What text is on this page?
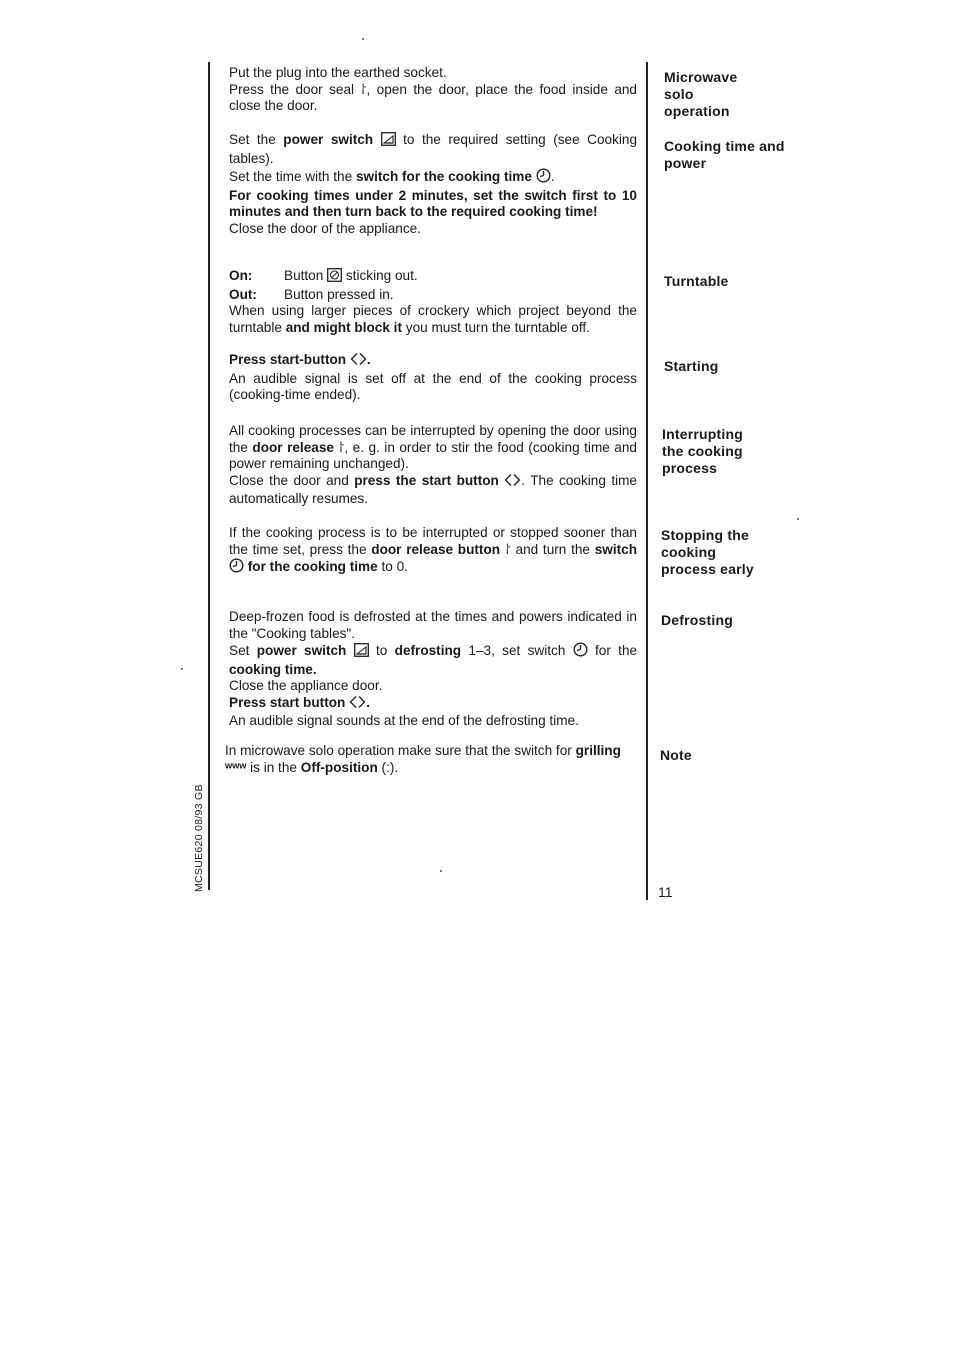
MCSUE620 08/93 GB

Put the plug into the earthed socket.

Press the door seal ⸷, open the door, place the food inside and close the door.

Set the power switch to the required setting (see Cooking tables).

Set the time with the switch for the cooking time .

For cooking times under 2 minutes, set the switch first to 10 minutes and then turn back to the required cooking time!

Close the door of the appliance.

On:	Button sticking out.
Out:	Button pressed in.

When using larger pieces of crockery which project beyond the turntable and might block it you must turn the turntable off.

Press start-button .

An audible signal is set off at the end of the cooking process (cooking-time ended).

All cooking processes can be interrupted by opening the door using the door release ⸷, e. g. in order to stir the food (cooking time and power remaining unchanged).

Close the door and press the start button . The cooking time automatically resumes.

If the cooking process is to be interrupted or stopped sooner than the time set, press the door release button ⸷ and turn the switch  for the cooking time to 0.

Deep-frozen food is defrosted at the times and powers indicated in the "Cooking tables".

Set power switch to defrosting 1–3, set switch for the cooking time.

Close the appliance door.

Press start button .

An audible signal sounds at the end of the defrosting time.

In microwave solo operation make sure that the switch for grilling ʷʷʷ is in the Off-position (:).

Microwave solo operation
Cooking time and power
Turntable
Starting
Interrupting the cooking process
Stopping the cooking process early
Defrosting
Note
11
